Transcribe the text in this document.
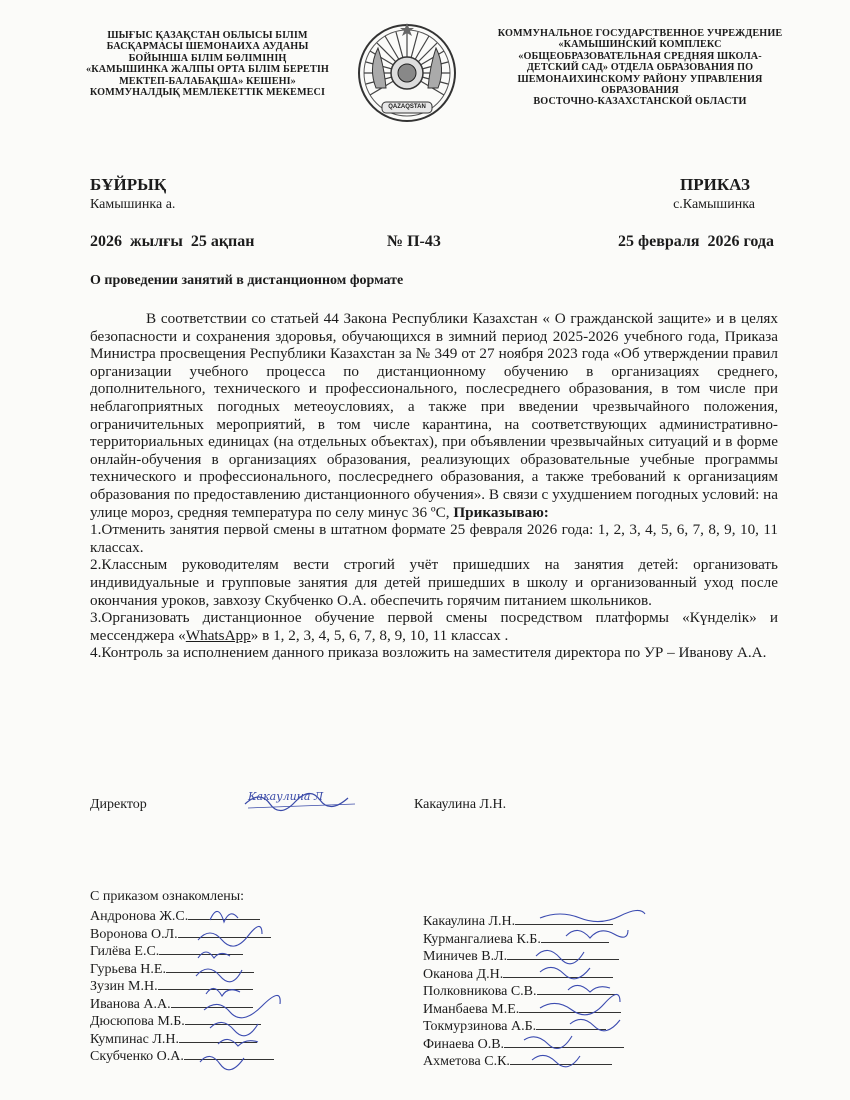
ШЫҒЫС ҚАЗАҚСТАН ОБЛЫСЫ БІЛІМ
БАСҚАРМАСЫ ШЕМОНАИХА АУДАНЫ
БОЙЫНША БІЛІМ БӨЛІМІНІҢ
«КАМЫШИНКА ЖАЛПЫ ОРТА БІЛІМ БЕРЕТІН
МЕКТЕП-БАЛАБАҚША» КЕШЕНІ»
КОММУНАЛДЫҚ МЕМЛЕКЕТТІК МЕКЕМЕСІ
QAZAQSTAN
КОММУНАЛЬНОЕ ГОСУДАРСТВЕННОЕ УЧРЕЖДЕНИЕ
«КАМЫШИНСКИЙ КОМПЛЕКС
«ОБЩЕОБРАЗОВАТЕЛЬНАЯ СРЕДНЯЯ ШКОЛА-
ДЕТСКИЙ САД» ОТДЕЛА ОБРАЗОВАНИЯ ПО
ШЕМОНАИХИНСКОМУ РАЙОНУ УПРАВЛЕНИЯ
ОБРАЗОВАНИЯ
ВОСТОЧНО-КАЗАХСТАНСКОЙ ОБЛАСТИ
БҰЙРЫҚ	ПРИКАЗ
Камышинка а.	с.Камышинка
2026  жылғы  25 ақпан	№ П-43	25 февраля  2026 года
О проведении занятий в дистанционном формате

В соответствии со статьей 44 Закона Республики Казахстан « О гражданской защите» и в целях безопасности и сохранения здоровья, обучающихся в зимний период 2025-2026 учебного года, Приказа Министра просвещения Республики Казахстан за № 349 от 27 ноября 2023 года «Об утверждении правил организации учебного процесса по дистанционному обучению в организациях среднего, дополнительного, технического и профессионального, послесреднего образования, в том числе при неблагоприятных погодных метеоусловиях, а также при введении чрезвычайного положения, ограничительных мероприятий, в том числе карантина, на соответствующих административно-территориальных единицах (на отдельных объектах), при объявлении чрезвычайных ситуаций и в форме онлайн-обучения в организациях образования, реализующих образовательные учебные программы технического и профессионального, послесреднего образования, а также требований к организациям образования по предоставлению дистанционного обучения». В связи с ухудшением погодных условий: на улице мороз, средняя температура по селу минус 36 ºС, Приказываю:

1.Отменить занятия первой смены в штатном формате 25 февраля 2026 года: 1, 2, 3, 4, 5, 6, 7, 8, 9, 10, 11 классах.

2.Классным руководителям вести строгий учёт пришедших на занятия детей: организовать индивидуальные и групповые занятия для детей пришедших в школу и организованный уход после окончания уроков, завхозу Скубченко О.А. обеспечить горячим питанием школьников.

3.Организовать дистанционное обучение первой смены посредством платформы «Күнделік» и мессенджера «WhatsApp» в 1, 2, 3, 4, 5, 6, 7, 8, 9, 10, 11 классах .

4.Контроль за исполнением данного приказа возложить на заместителя директора по УР – Иванову А.А.

Директор
Какаулина Л
Какаулина Л.Н.
С приказом ознакомлены:
Андронова Ж.С.
Воронова О.Л.
Гилёва Е.С.
Гурьева Н.Е.
Зузин М.Н.
Иванова А.А.
Дюсюпова М.Б.
Кумпинас Л.Н.
Скубченко О.А.
Какаулина Л.Н.
Курмангалиева К.Б.
Миничев В.Л.
Оканова Д.Н.
Полковникова С.В.
Иманбаева М.Е.
Токмурзинова А.Б.
Финаева О.В.
Ахметова С.К.
